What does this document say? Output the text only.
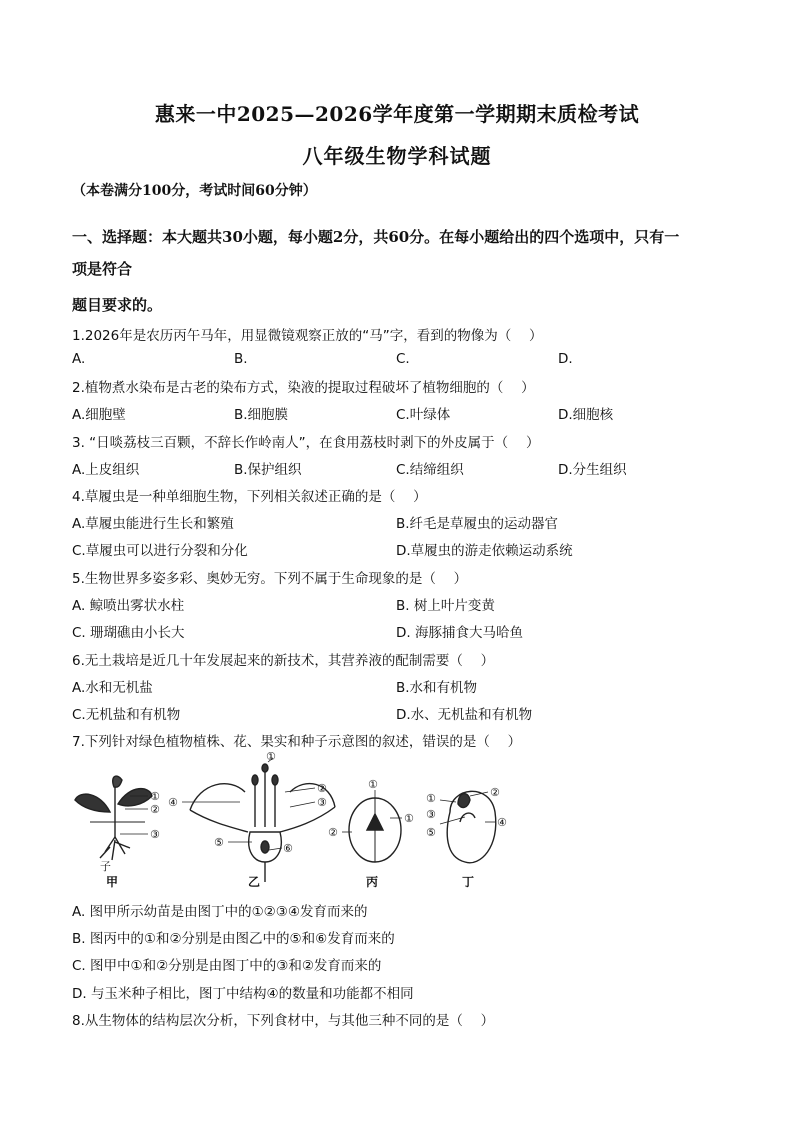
惠来一中2025—2026学年度第一学期期末质检考试
八年级生物学科试题
（本卷满分100分，考试时间60分钟）
一、选择题：本大题共30小题，每小题2分，共60分。在每小题给出的四个选项中，只有一
项是符合
题目要求的。
1.2026年是农历丙午马年，用显微镜观察正放的“马”字，看到的物像为（　 ）
A.	B.	C.	D.
2.植物煮水染布是古老的染布方式，染液的提取过程破坏了植物细胞的（　 ）
A.细胞壁	B.细胞膜	C.叶绿体	D.细胞核
3. “日啖荔枝三百颗，不辞长作岭南人”，在食用荔枝时剥下的外皮属于（　 ）
A.上皮组织	B.保护组织	C.结缔组织	D.分生组织
4.草履虫是一种单细胞生物，下列相关叙述正确的是（　 ）
A.草履虫能进行生长和繁殖	B.纤毛是草履虫的运动器官
C.草履虫可以进行分裂和分化	D.草履虫的游走依赖运动系统
5.生物世界多姿多彩、奥妙无穷。下列不属于生命现象的是（　 ）
A. 鲸喷出雾状水柱	B. 树上叶片变黄
C. 珊瑚礁由小长大	D. 海豚捕食大马哈鱼
6.无土栽培是近几十年发展起来的新技术，其营养液的配制需要（　 ）
A.水和无机盐	B.水和有机物
C.无机盐和有机物	D.水、无机盐和有机物
7.下列针对绿色植物植株、花、果实和种子示意图的叙述，错误的是（　 ）
①
②
③
子
①
②
③
④
⑤	⑥
①
①
②
②
①
③
④
⑤
甲	乙	丙	丁
A. 图甲所示幼苗是由图丁中的①②③④发育而来的
B. 图丙中的①和②分别是由图乙中的⑤和⑥发育而来的
C. 图甲中①和②分别是由图丁中的③和②发育而来的
D. 与玉米种子相比，图丁中结构④的数量和功能都不相同
8.从生物体的结构层次分析，下列食材中，与其他三种不同的是（　 ）
